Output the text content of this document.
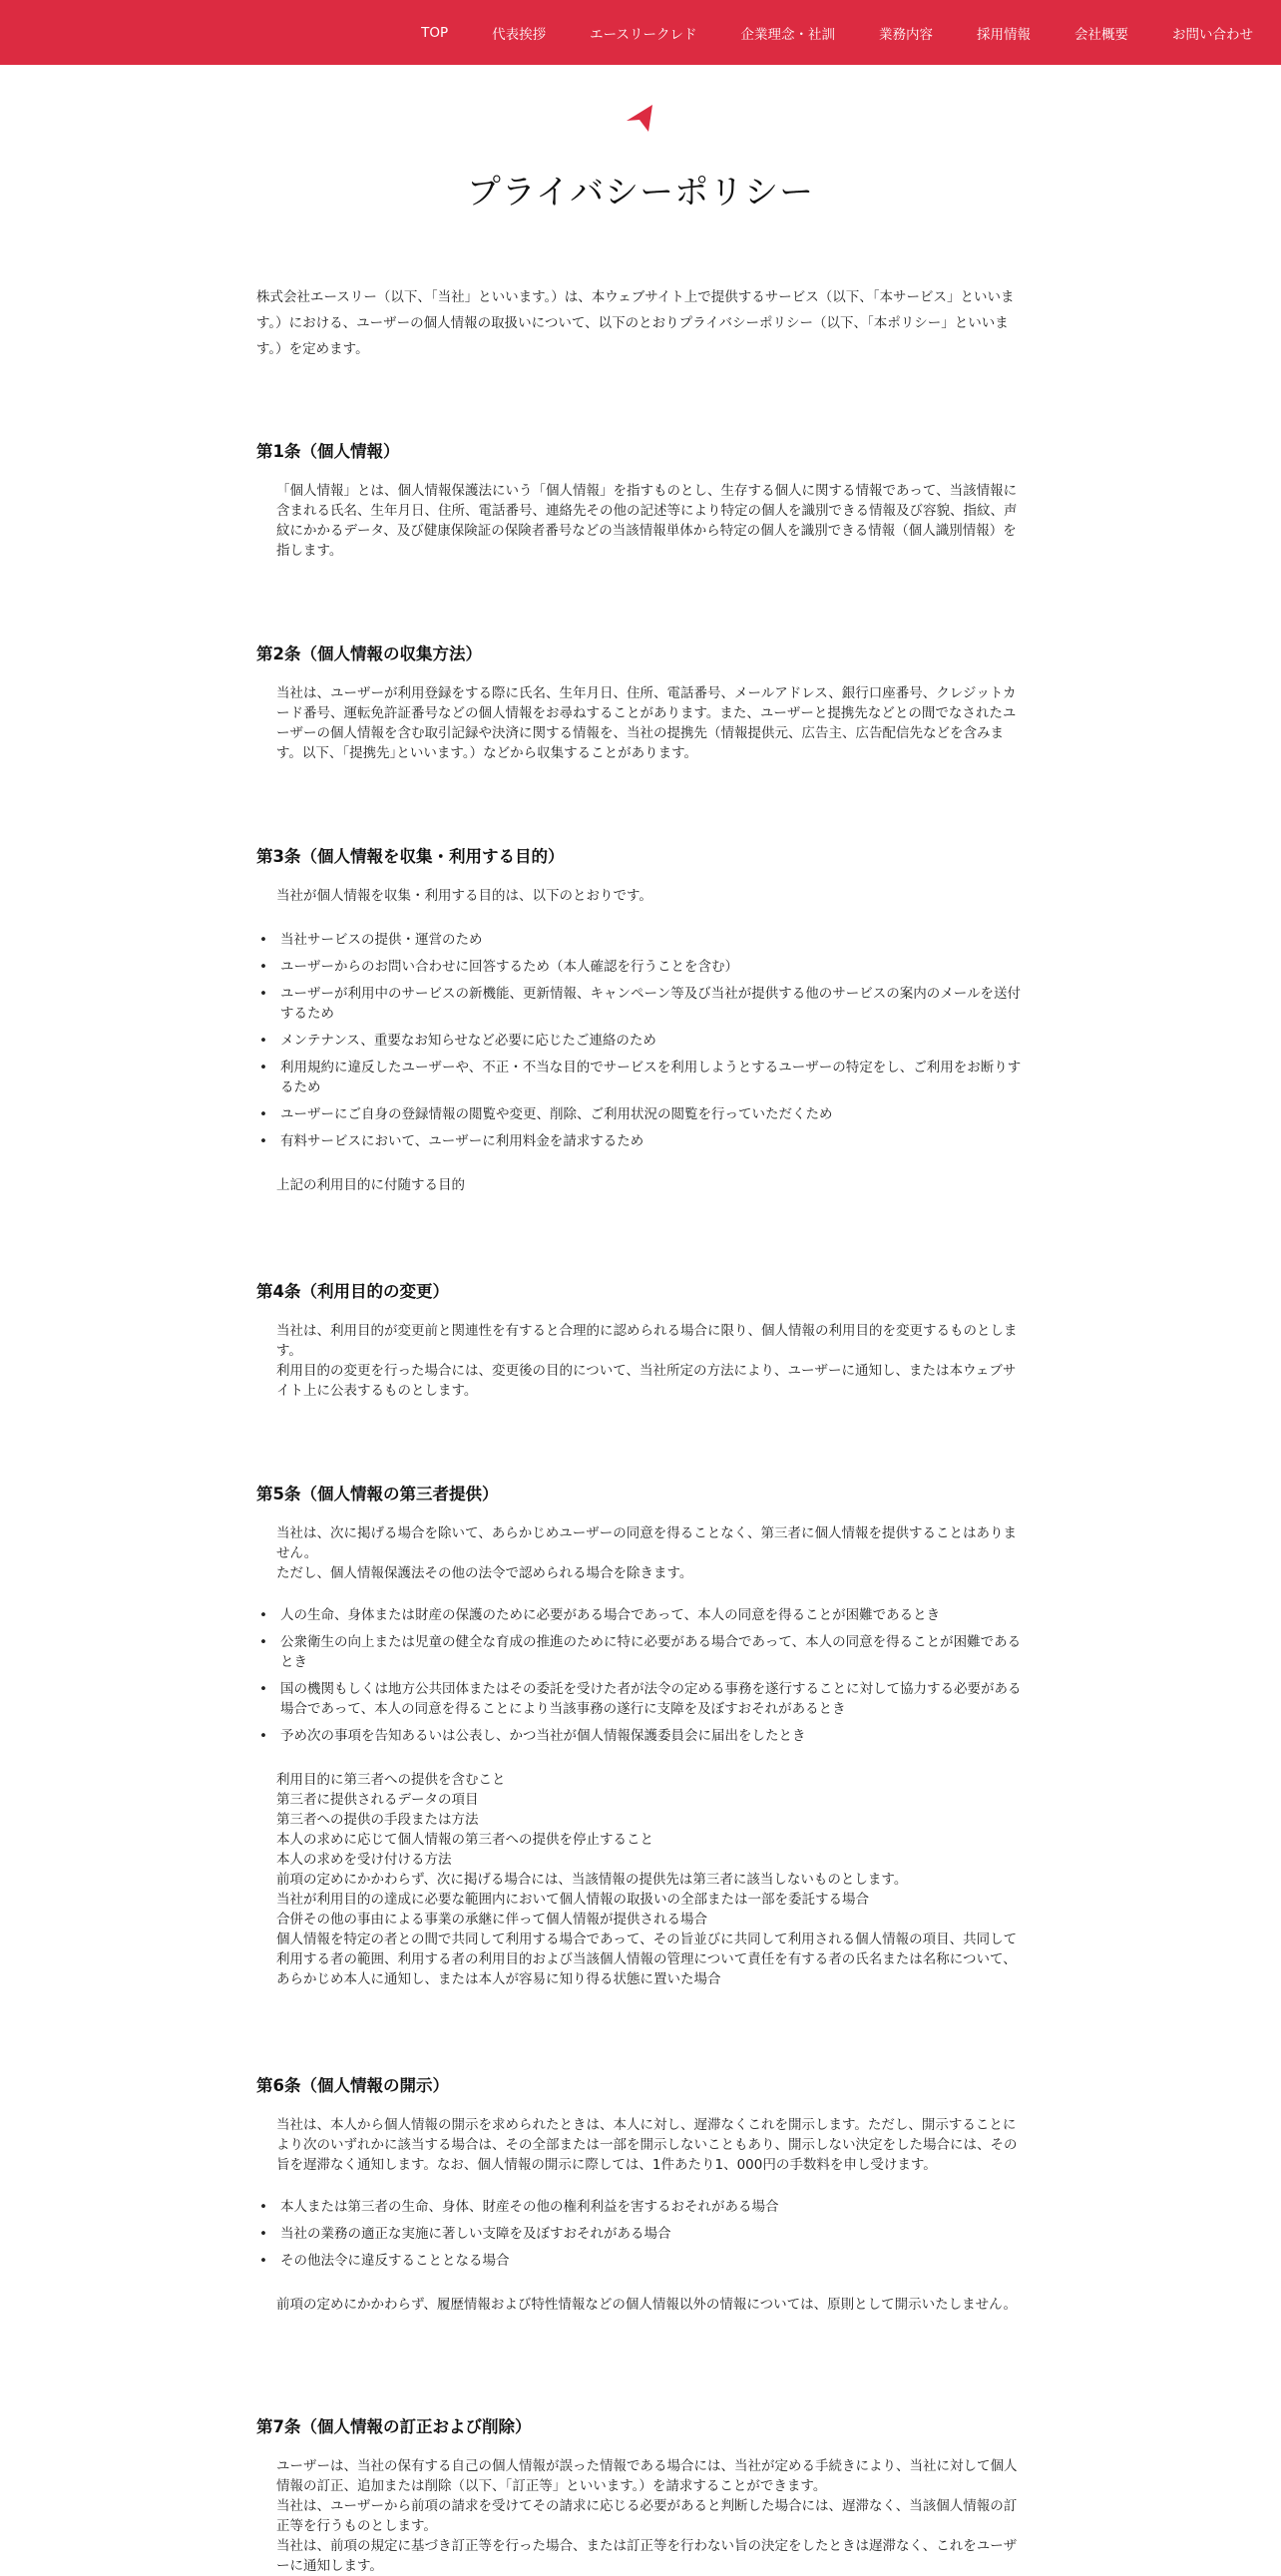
TOP	代表挨拶	エースリークレド	企業理念・社訓	業務内容	採用情報	会社概要	お問い合わせ
プライバシーポリシー

株式会社エースリー（以下、「当社」といいます。）は、本ウェブサイト上で提供するサービス（以下、「本サービス」といいます。）における、ユーザーの個人情報の取扱いについて、以下のとおりプライバシーポリシー（以下、「本ポリシー」といいます。）を定めます。

第1条（個人情報）

「個人情報」とは、個人情報保護法にいう「個人情報」を指すものとし、生存する個人に関する情報であって、当該情報に含まれる氏名、生年月日、住所、電話番号、連絡先その他の記述等により特定の個人を識別できる情報及び容貌、指紋、声紋にかかるデータ、及び健康保険証の保険者番号などの当該情報単体から特定の個人を識別できる情報（個人識別情報）を指します。

第2条（個人情報の収集方法）

当社は、ユーザーが利用登録をする際に氏名、生年月日、住所、電話番号、メールアドレス、銀行口座番号、クレジットカード番号、運転免許証番号などの個人情報をお尋ねすることがあります。また、ユーザーと提携先などとの間でなされたユーザーの個人情報を含む取引記録や決済に関する情報を、当社の提携先（情報提供元、広告主、広告配信先などを含みます。以下、｢提携先｣といいます。）などから収集することがあります。

第3条（個人情報を収集・利用する目的）

当社が個人情報を収集・利用する目的は、以下のとおりです。

• 当社サービスの提供・運営のため
• ユーザーからのお問い合わせに回答するため（本人確認を行うことを含む）
• ユーザーが利用中のサービスの新機能、更新情報、キャンペーン等及び当社が提供する他のサービスの案内のメールを送付するため
• メンテナンス、重要なお知らせなど必要に応じたご連絡のため
• 利用規約に違反したユーザーや、不正・不当な目的でサービスを利用しようとするユーザーの特定をし、ご利用をお断りするため
• ユーザーにご自身の登録情報の閲覧や変更、削除、ご利用状況の閲覧を行っていただくため
• 有料サービスにおいて、ユーザーに利用料金を請求するため

上記の利用目的に付随する目的

第4条（利用目的の変更）

当社は、利用目的が変更前と関連性を有すると合理的に認められる場合に限り、個人情報の利用目的を変更するものとします。

利用目的の変更を行った場合には、変更後の目的について、当社所定の方法により、ユーザーに通知し、または本ウェブサイト上に公表するものとします。

第5条（個人情報の第三者提供）

当社は、次に掲げる場合を除いて、あらかじめユーザーの同意を得ることなく、第三者に個人情報を提供することはありません。

ただし、個人情報保護法その他の法令で認められる場合を除きます。

• 人の生命、身体または財産の保護のために必要がある場合であって、本人の同意を得ることが困難であるとき
• 公衆衛生の向上または児童の健全な育成の推進のために特に必要がある場合であって、本人の同意を得ることが困難であるとき
• 国の機関もしくは地方公共団体またはその委託を受けた者が法令の定める事務を遂行することに対して協力する必要がある場合であって、本人の同意を得ることにより当該事務の遂行に支障を及ぼすおそれがあるとき
• 予め次の事項を告知あるいは公表し、かつ当社が個人情報保護委員会に届出をしたとき

利用目的に第三者への提供を含むこと

第三者に提供されるデータの項目

第三者への提供の手段または方法

本人の求めに応じて個人情報の第三者への提供を停止すること

本人の求めを受け付ける方法

前項の定めにかかわらず、次に掲げる場合には、当該情報の提供先は第三者に該当しないものとします。

当社が利用目的の達成に必要な範囲内において個人情報の取扱いの全部または一部を委託する場合

合併その他の事由による事業の承継に伴って個人情報が提供される場合

個人情報を特定の者との間で共同して利用する場合であって、その旨並びに共同して利用される個人情報の項目、共同して利用する者の範囲、利用する者の利用目的および当該個人情報の管理について責任を有する者の氏名または名称について、あらかじめ本人に通知し、または本人が容易に知り得る状態に置いた場合

第6条（個人情報の開示）

当社は、本人から個人情報の開示を求められたときは、本人に対し、遅滞なくこれを開示します。ただし、開示することにより次のいずれかに該当する場合は、その全部または一部を開示しないこともあり、開示しない決定をした場合には、その旨を遅滞なく通知します。なお、個人情報の開示に際しては、1件あたり1、000円の手数料を申し受けます。

• 本人または第三者の生命、身体、財産その他の権利利益を害するおそれがある場合
• 当社の業務の適正な実施に著しい支障を及ぼすおそれがある場合
• その他法令に違反することとなる場合

前項の定めにかかわらず、履歴情報および特性情報などの個人情報以外の情報については、原則として開示いたしません。

第7条（個人情報の訂正および削除）

ユーザーは、当社の保有する自己の個人情報が誤った情報である場合には、当社が定める手続きにより、当社に対して個人情報の訂正、追加または削除（以下、「訂正等」といいます。）を請求することができます。

当社は、ユーザーから前項の請求を受けてその請求に応じる必要があると判断した場合には、遅滞なく、当該個人情報の訂正等を行うものとします。

当社は、前項の規定に基づき訂正等を行った場合、または訂正等を行わない旨の決定をしたときは遅滞なく、これをユーザーに通知します。
